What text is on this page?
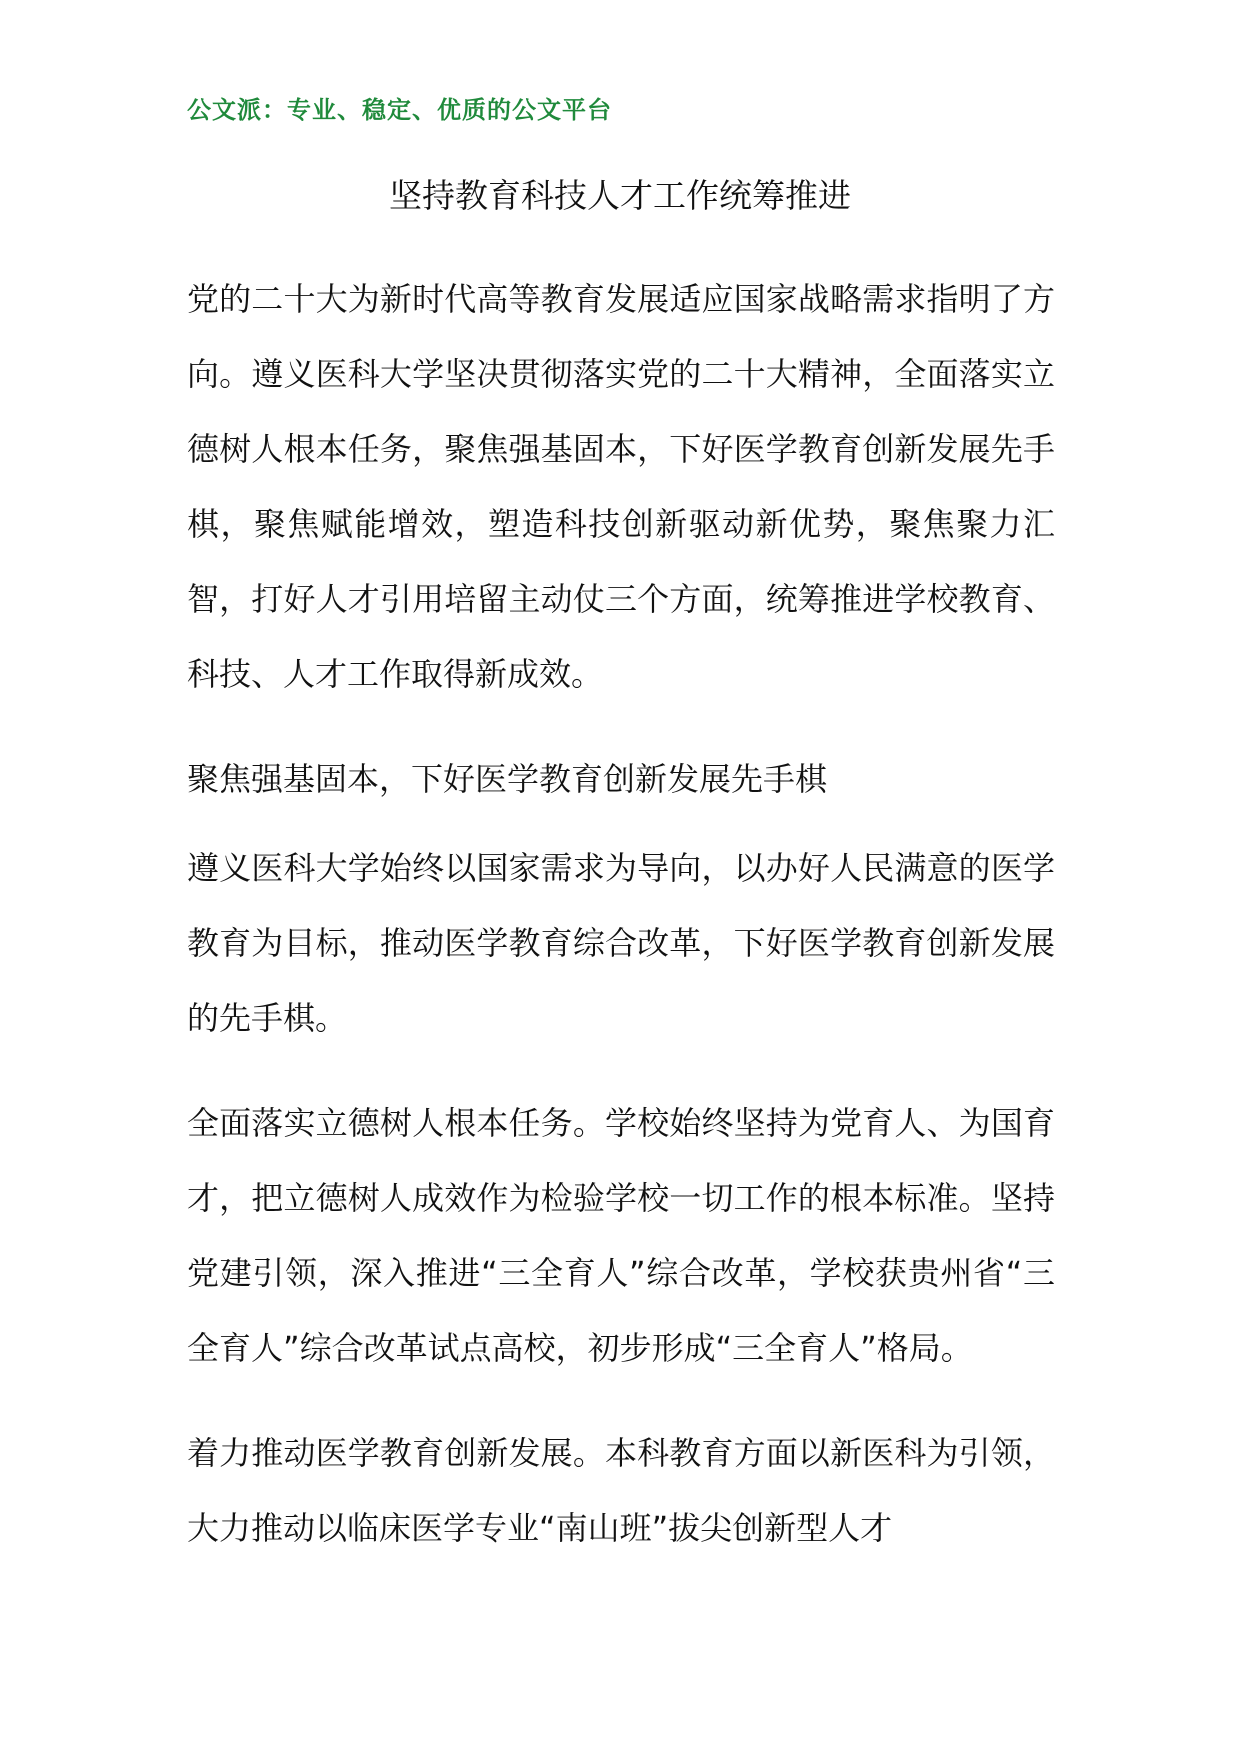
公文派：专业、稳定、优质的公文平台
坚持教育科技人才工作统筹推进

党的二十大为新时代高等教育发展适应国家战略需求指明了方向。遵义医科大学坚决贯彻落实党的二十大精神，全面落实立德树人根本任务，聚焦强基固本，下好医学教育创新发展先手棋，聚焦赋能增效，塑造科技创新驱动新优势，聚焦聚力汇智，打好人才引用培留主动仗三个方面，统筹推进学校教育、科技、人才工作取得新成效。

聚焦强基固本，下好医学教育创新发展先手棋

遵义医科大学始终以国家需求为导向，以办好人民满意的医学教育为目标，推动医学教育综合改革，下好医学教育创新发展的先手棋。

全面落实立德树人根本任务。学校始终坚持为党育人、为国育才，把立德树人成效作为检验学校一切工作的根本标准。坚持党建引领，深入推进“三全育人”综合改革，学校获贵州省“三全育人”综合改革试点高校，初步形成“三全育人”格局。

着力推动医学教育创新发展。本科教育方面以新医科为引领，大力推动以临床医学专业“南山班”拔尖创新型人才
